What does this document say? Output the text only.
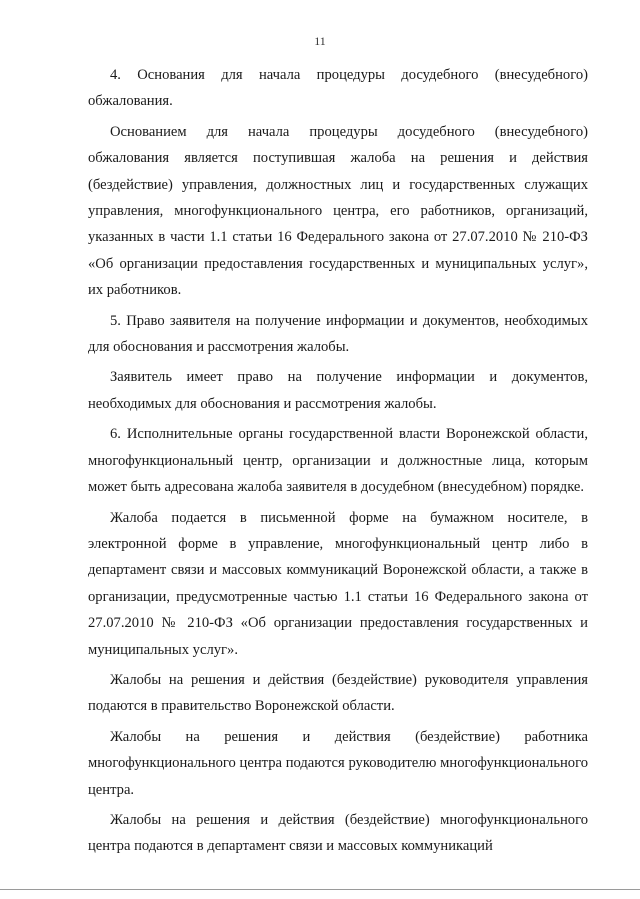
11

4. Основания для начала процедуры досудебного (внесудебного) обжалования.

Основанием для начала процедуры досудебного (внесудебного) обжалования является поступившая жалоба на решения и действия (бездействие) управления, должностных лиц и государственных служащих управления, многофункционального центра, его работников, организаций, указанных в части 1.1 статьи 16 Федерального закона от 27.07.2010 № 210-ФЗ «Об организации предоставления государственных и муниципальных услуг», их работников.

5. Право заявителя на получение информации и документов, необходимых для обоснования и рассмотрения жалобы.

Заявитель имеет право на получение информации и документов, необходимых для обоснования и рассмотрения жалобы.

6. Исполнительные органы государственной власти Воронежской области, многофункциональный центр, организации и должностные лица, которым может быть адресована жалоба заявителя в досудебном (внесудебном) порядке.

Жалоба подается в письменной форме на бумажном носителе, в электронной форме в управление, многофункциональный центр либо в департамент связи и массовых коммуникаций Воронежской области, а также в организации, предусмотренные частью 1.1 статьи 16 Федерального закона от 27.07.2010 № 210-ФЗ «Об организации предоставления государственных и муниципальных услуг».

Жалобы на решения и действия (бездействие) руководителя управления подаются в правительство Воронежской области.

Жалобы на решения и действия (бездействие) работника многофункционального центра подаются руководителю многофункционального центра.

Жалобы на решения и действия (бездействие) многофункционального центра подаются в департамент связи и массовых коммуникаций
